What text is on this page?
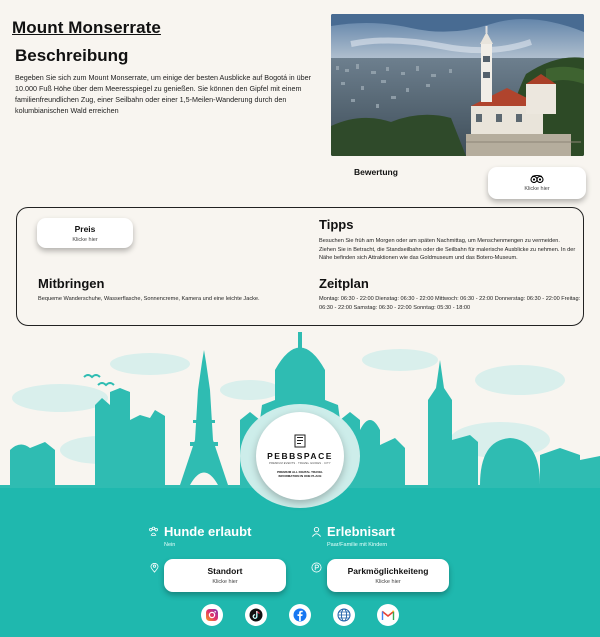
Mount Monserrate
Beschreibung
Begeben Sie sich zum Mount Monserrate, um einige der besten Ausblicke auf Bogotá in über 10.000 Fuß Höhe über dem Meeresspiegel zu genießen. Sie können den Gipfel mit einem familienfreundlichen Zug, einer Seilbahn oder einer 1,5-Meilen-Wanderung durch den kolumbianischen Wald erreichen
Bewertung
Klicke hier
Preis
Klicke hier
Mitbringen
Bequeme Wanderschuhe, Wasserflasche, Sonnencreme, Kamera und eine leichte Jacke.
Tipps
Besuchen Sie früh am Morgen oder am späten Nachmittag, um Menschenmengen zu vermeiden. Ziehen Sie in Betracht, die Standseilbahn oder die Seilbahn für malerische Ausblicke zu nehmen. In der Nähe befinden sich Attraktionen wie das Goldmuseum und das Botero-Museum.
Zeitplan
Montag: 06:30 - 22:00 Dienstag: 06:30 - 22:00 Mittwoch: 06:30 - 22:00 Donnerstag: 06:30 - 22:00 Freitag: 06:30 - 22:00 Samstag: 06:30 - 22:00 Sonntag: 05:30 - 18:00
PEBBSPACE
PREMIUM EVENTS · TRAVEL GUIDES · CITY
PREMIUM ALL DIGITAL TRAVEL INFORMATION IN ONE PLACE
Hunde erlaubt
Nein
Erlebnisart
Paar/Familie mit Kindern
Standort
Klicke hier
Parkmöglichkeiteng
Klicke hier
